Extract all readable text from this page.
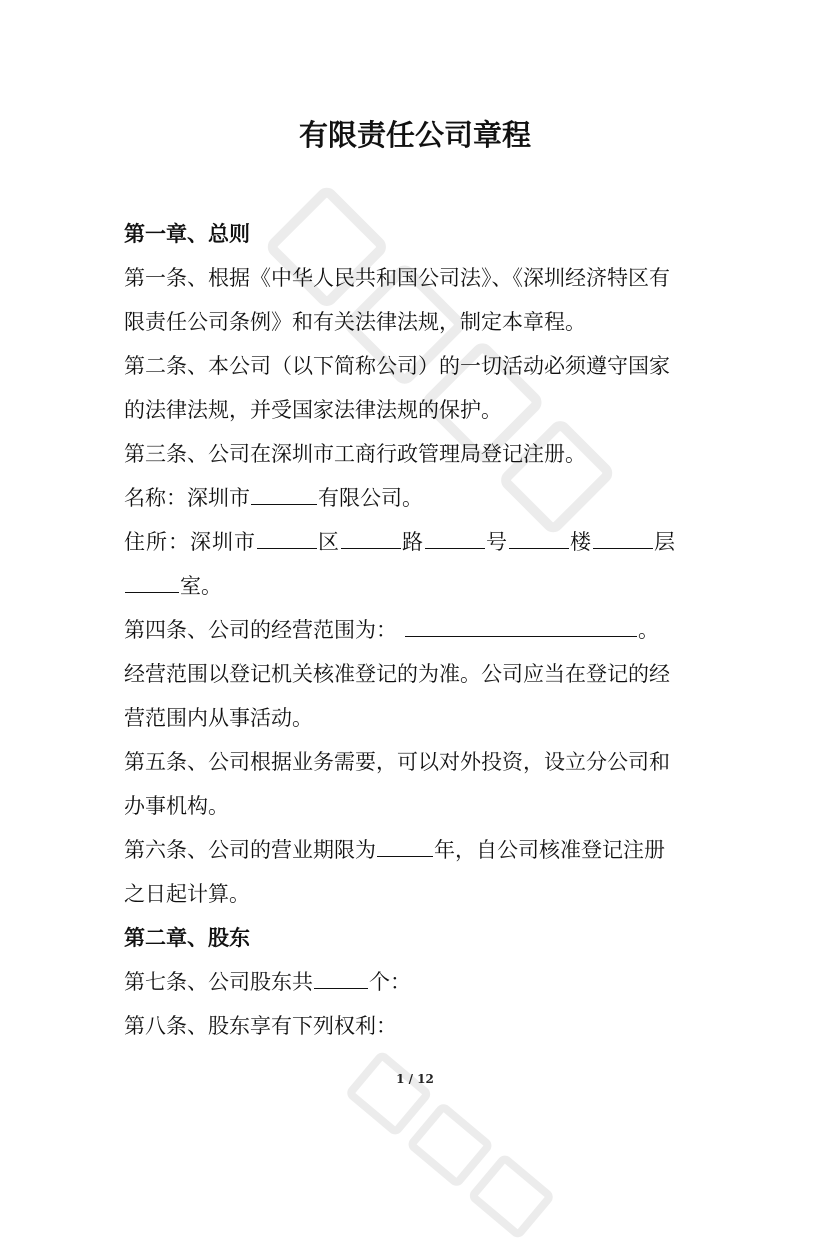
有限责任公司章程

第一章、总则

第一条、根据《中华人民共和国公司法》、《深圳经济特区有

限责任公司条例》和有关法律法规，制定本章程。

第二条、本公司（以下简称公司）的一切活动必须遵守国家

的法律法规，并受国家法律法规的保护。

第三条、公司在深圳市工商行政管理局登记注册。

名称：深圳市	有限公司。

住所：深圳市	区	路	号	楼	层

室。

第四条、公司的经营范围为：	。

经营范围以登记机关核准登记的为准。公司应当在登记的经

营范围内从事活动。

第五条、公司根据业务需要，可以对外投资，设立分公司和

办事机构。

第六条、公司的营业期限为	年，自公司核准登记注册

之日起计算。

第二章、股东

第七条、公司股东共	个：

第八条、股东享有下列权利：

1 / 12
